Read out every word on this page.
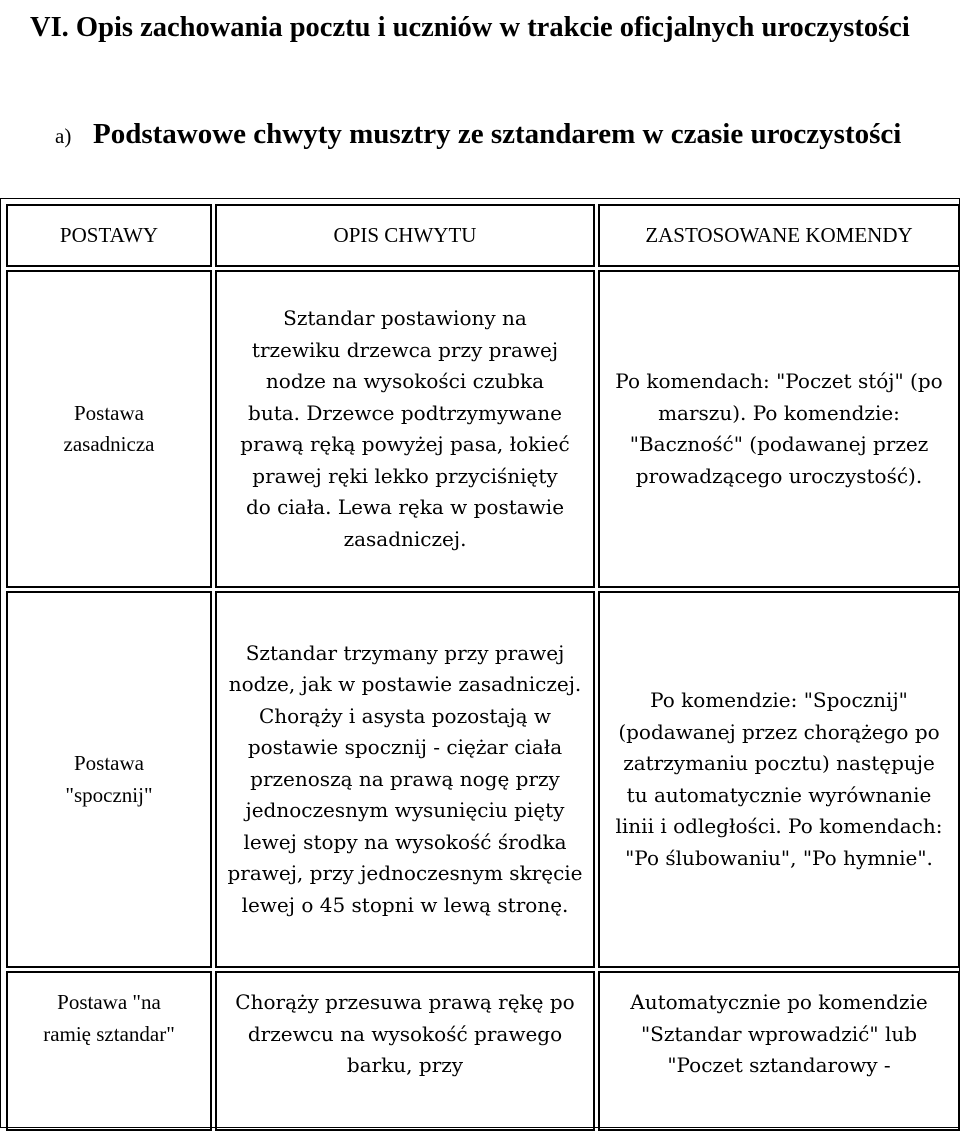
VI. Opis zachowania pocztu i uczniów w trakcie oficjalnych uroczystości
a) Podstawowe chwyty musztry ze sztandarem w czasie uroczystości
POSTAWY	OPIS CHWYTU	ZASTOSOWANE KOMENDY

Postawa zasadnicza	Sztandar postawiony na trzewiku drzewca przy prawej nodze na wysokości czubka buta. Drzewce podtrzymywane prawą ręką powyżej pasa, łokieć prawej ręki lekko przyciśnięty do ciała. Lewa ręka w postawie zasadniczej.	Po komendach: "Poczet stój" (po marszu). Po komendzie: "Baczność" (podawanej przez prowadzącego uroczystość).

Postawa "spocznij"	Sztandar trzymany przy prawej nodze, jak w postawie zasadniczej. Chorąży i asysta pozostają w postawie spocznij - ciężar ciała przenoszą na prawą nogę przy jednoczesnym wysunięciu pięty lewej stopy na wysokość środka prawej, przy jednoczesnym skręcie lewej o 45 stopni w lewą stronę.	Po komendzie: "Spocznij" (podawanej przez chorążego po zatrzymaniu pocztu) następuje tu automatycznie wyrównanie linii i odległości. Po komendach: "Po ślubowaniu", "Po hymnie".

Postawa "na ramię sztandar"	Chorąży przesuwa prawą rękę po drzewcu na wysokość prawego barku, przy	Automatycznie po komendzie "Sztandar wprowadzić" lub "Poczet sztandarowy -
